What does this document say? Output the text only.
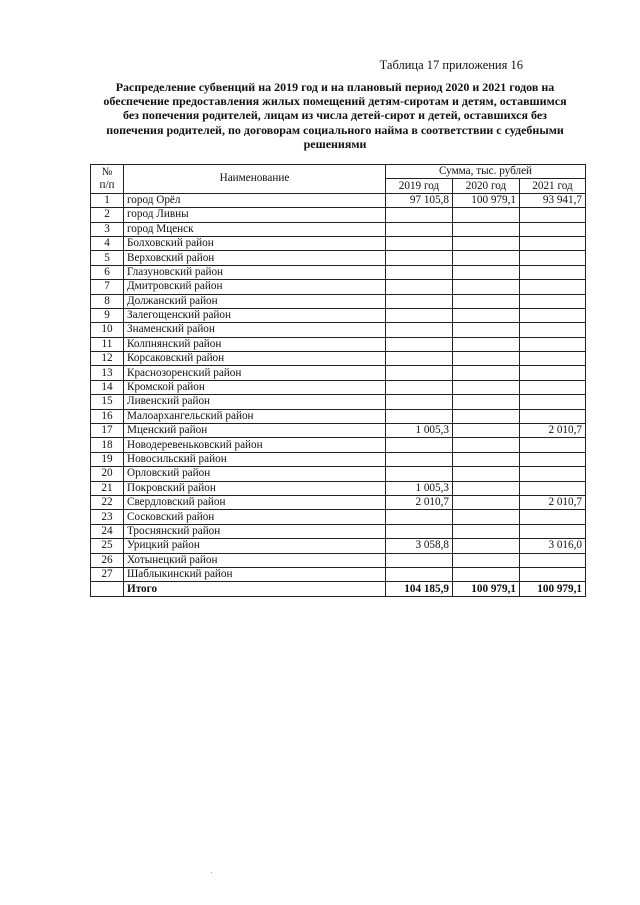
Таблица 17 приложения 16
Распределение субвенций на 2019 год и на плановый период 2020 и 2021 годов на
обеспечение предоставления жилых помещений детям-сиротам и детям, оставшимся
без попечения родителей, лицам из числа детей-сирот и детей, оставшихся без
попечения родителей, по договорам социального найма в соответствии с судебными
решениями
№
п/п	Наименование	Сумма, тыс. рублей		
		2019 год	2020 год	2021 год
1	город Орёл	97 105,8	100 979,1	93 941,7
2	город Ливны			
3	город Мценск			
4	Болховский район			
5	Верховский район			
6	Глазуновский район			
7	Дмитровский район			
8	Должанский район			
9	Залегощенский район			
10	Знаменский район			
11	Колпнянский район			
12	Корсаковский район			
13	Краснозоренский район			
14	Кромской район			
15	Ливенский район			
16	Малоархангельский район			
17	Мценский район	1 005,3		2 010,7
18	Новодеревеньковский район			
19	Новосильский район			
20	Орловский район			
21	Покровский район	1 005,3		
22	Свердловский район	2 010,7		2 010,7
23	Сосковский район			
24	Троснянский район			
25	Урицкий район	3 058,8		3 016,0
26	Хотынецкий район			
27	Шаблыкинский район			
	Итого	104 185,9	100 979,1	100 979,1
